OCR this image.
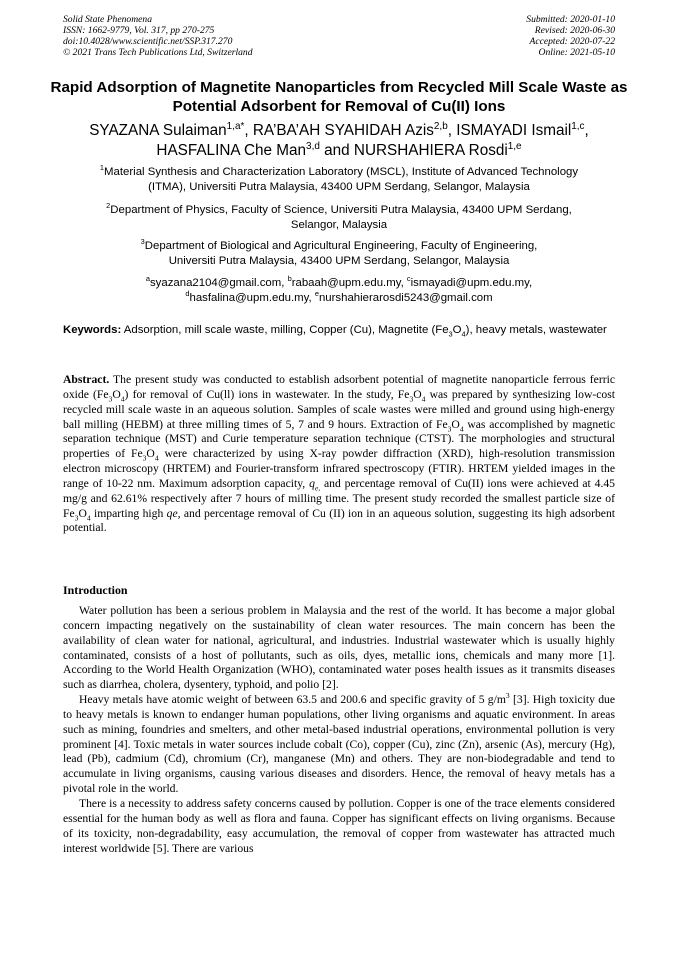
Solid State Phenomena
ISSN: 1662-9779, Vol. 317, pp 270-275
doi:10.4028/www.scientific.net/SSP.317.270
© 2021 Trans Tech Publications Ltd, Switzerland
Submitted: 2020-01-10
Revised: 2020-06-30
Accepted: 2020-07-22
Online: 2021-05-10
Rapid Adsorption of Magnetite Nanoparticles from Recycled Mill Scale Waste as Potential Adsorbent for Removal of Cu(II) Ions
SYAZANA Sulaiman$^{1,a*}$, RA’BA’AH SYAHIDAH Azis$^{2,b}$, ISMAYADI Ismail$^{1,c}$,
HASFALINA Che Man$^{3,d}$ and NURSHAHIERA Rosdi$^{1,e}$
$^1$Material Synthesis and Characterization Laboratory (MSCL), Institute of Advanced Technology
(ITMA), Universiti Putra Malaysia, 43400 UPM Serdang, Selangor, Malaysia
$^2$Department of Physics, Faculty of Science, Universiti Putra Malaysia, 43400 UPM Serdang,
Selangor, Malaysia
$^3$Department of Biological and Agricultural Engineering, Faculty of Engineering,
Universiti Putra Malaysia, 43400 UPM Serdang, Selangor, Malaysia
$^a$syazana2104@gmail.com, $^b$rabaah@upm.edu.my, $^c$ismayadi@upm.edu.my,
$^d$hasfalina@upm.edu.my, $^e$nurshahierarosdi5243@gmail.com
Keywords: Adsorption, mill scale waste, milling, Copper (Cu), Magnetite $(Fe_3O_4)$, heavy metals, wastewater
Abstract. The present study was conducted to establish adsorbent potential of magnetite nanoparticle ferrous ferric oxide $(Fe_3O_4)$ for removal of Cu(ll) ions in wastewater. In the study, $Fe_3O_4$ was prepared by synthesizing low-cost recycled mill scale waste in an aqueous solution. Samples of scale wastes were milled and ground using high-energy ball milling (HEBM) at three milling times of 5, 7 and 9 hours. Extraction of $Fe_3O_4$ was accomplished by magnetic separation technique (MST) and Curie temperature separation technique (CTST). The morphologies and structural properties of $Fe_3O_4$ were characterized by using X-ray powder diffraction (XRD), high-resolution transmission electron microscopy (HRTEM) and Fourier-transform infrared spectroscopy (FTIR). HRTEM yielded images in the range of 10-22 nm. Maximum adsorption capacity, $q_{e,}$ and percentage removal of Cu(II) ions were achieved at 4.45 mg/g and 62.61% respectively after 7 hours of milling time. The present study recorded the smallest particle size of $Fe_3O_4$ imparting high qe, and percentage removal of Cu (II) ion in an aqueous solution, suggesting its high adsorbent potential.
Introduction

Water pollution has been a serious problem in Malaysia and the rest of the world. It has become a major global concern impacting negatively on the sustainability of clean water resources. The main concern has been the availability of clean water for national, agricultural, and industries. Industrial wastewater which is usually highly contaminated, consists of a host of pollutants, such as oils, dyes, metallic ions, chemicals and many more [1]. According to the World Health Organization (WHO), contaminated water poses health issues as it transmits diseases such as diarrhea, cholera, dysentery, typhoid, and polio [2].

Heavy metals have atomic weight of between 63.5 and 200.6 and specific gravity of 5 $g/m^3$ [3]. High toxicity due to heavy metals is known to endanger human populations, other living organisms and aquatic environment. In areas such as mining, foundries and smelters, and other metal-based industrial operations, environmental pollution is very prominent [4]. Toxic metals in water sources include cobalt (Co), copper (Cu), zinc (Zn), arsenic (As), mercury (Hg), lead (Pb), cadmium (Cd), chromium (Cr), manganese (Mn) and others. They are non-biodegradable and tend to accumulate in living organisms, causing various diseases and disorders. Hence, the removal of heavy metals has a pivotal role in the world.

There is a necessity to address safety concerns caused by pollution. Copper is one of the trace elements considered essential for the human body as well as flora and fauna. Copper has significant effects on living organisms. Because of its toxicity, non-degradability, easy accumulation, the removal of copper from wastewater has attracted much interest worldwide [5]. There are various
